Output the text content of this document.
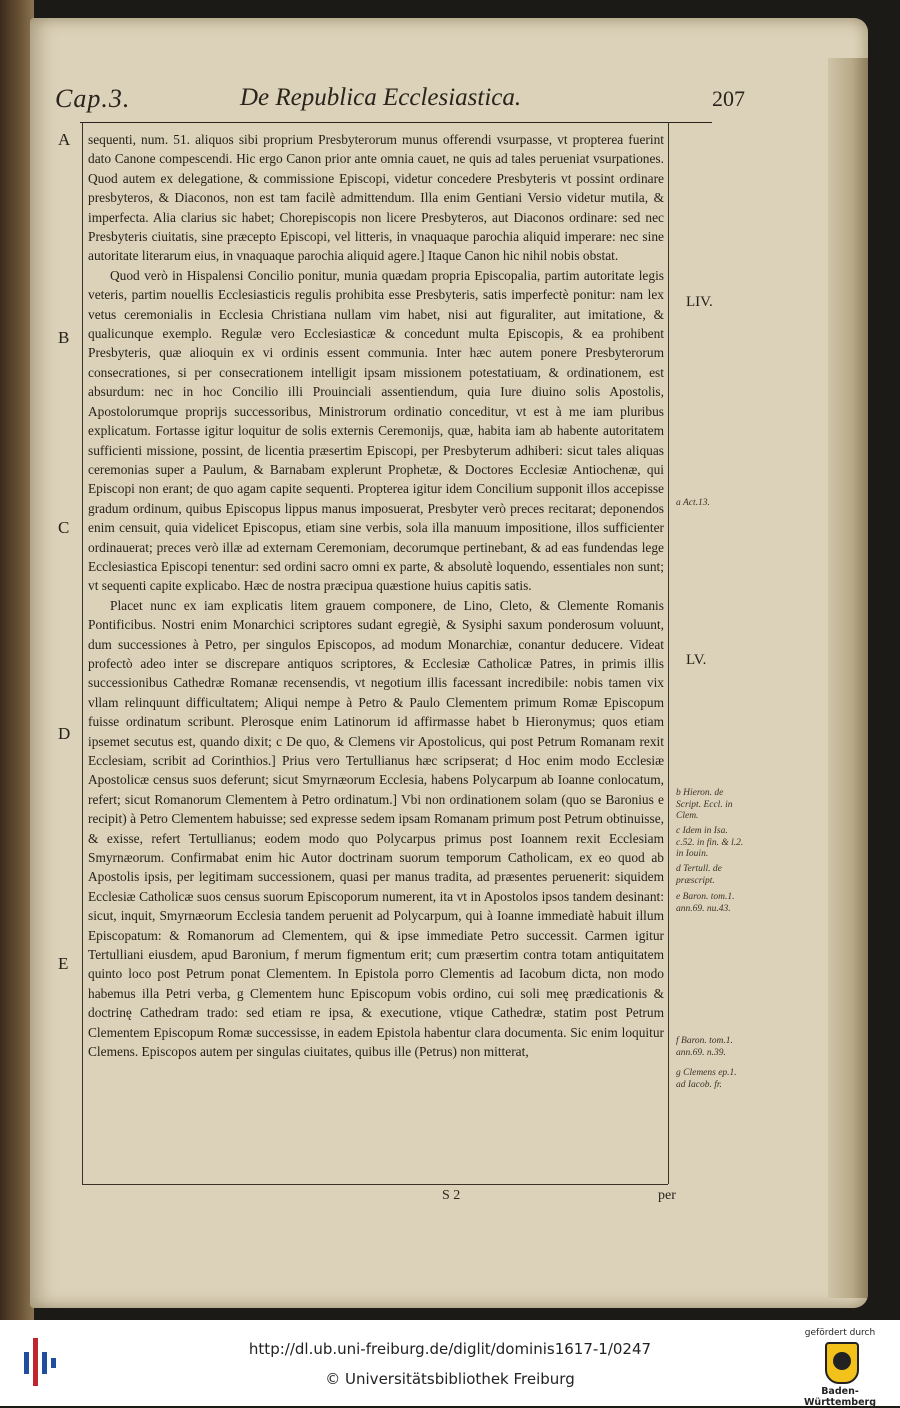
Cap.3.	De Republica Ecclesiastica.	207
A
B
C
D
E
LIV.
LV.
a Act.13.
b Hieron. de Script. Eccl. in Clem.
c Idem in Isa. c.52. in fin. & l.2. in Iouin.
d Tertull. de præscript.
e Baron. tom.1. ann.69. nu.43.
f Baron. tom.1. ann.69. n.39.
g Clemens ep.1. ad Iacob. fr.

sequenti, num. 51. aliquos sibi proprium Presbyterorum munus offerendi vsurpasse, vt propterea fuerint dato Canone compescendi. Hic ergo Canon prior ante omnia cauet, ne quis ad tales perueniat vsurpationes. Quod autem ex delegatione, & commissione Episcopi, videtur concedere Presbyteris vt possint ordinare presbyteros, & Diaconos, non est tam facilè admittendum. Illa enim Gentiani Versio videtur mutila, & imperfecta. Alia clarius sic habet; Chorepiscopis non licere Presbyteros, aut Diaconos ordinare: sed nec Presbyteris ciuitatis, sine præcepto Episcopi, vel litteris, in vnaquaque parochia aliquid imperare: nec sine autoritate literarum eius, in vnaquaque parochia aliquid agere.] Itaque Canon hic nihil nobis obstat.

Quod verò in Hispalensi Concilio ponitur, munia quædam propria Episcopalia, partim autoritate legis veteris, partim nouellis Ecclesiasticis regulis prohibita esse Presbyteris, satis imperfectè ponitur: nam lex vetus ceremonialis in Ecclesia Christiana nullam vim habet, nisi aut figuraliter, aut imitatione, & qualicunque exemplo. Regulæ vero Ecclesiasticæ & concedunt multa Episcopis, & ea prohibent Presbyteris, quæ alioquin ex vi ordinis essent communia. Inter hæc autem ponere Presbyterorum consecrationes, si per consecrationem intelligit ipsam missionem potestatiuam, & ordinationem, est absurdum: nec in hoc Concilio illi Prouinciali assentiendum, quia Iure diuino solis Apostolis, Apostolorumque proprijs successoribus, Ministrorum ordinatio conceditur, vt est à me iam pluribus explicatum. Fortasse igitur loquitur de solis externis Ceremonijs, quæ, habita iam ab habente autoritatem sufficienti missione, possint, de licentia præsertim Episcopi, per Presbyterum adhiberi: sicut tales aliquas ceremonias super a Paulum, & Barnabam explerunt Prophetæ, & Doctores Ecclesiæ Antiochenæ, qui Episcopi non erant; de quo agam capite sequenti. Propterea igitur idem Concilium supponit illos accepisse gradum ordinum, quibus Episcopus lippus manus imposuerat, Presbyter verò preces recitarat; deponendos enim censuit, quia videlicet Episcopus, etiam sine verbis, sola illa manuum impositione, illos sufficienter ordinauerat; preces verò illæ ad externam Ceremoniam, decorumque pertinebant, & ad eas fundendas lege Ecclesiastica Episcopi tenentur: sed ordini sacro omni ex parte, & absolutè loquendo, essentiales non sunt; vt sequenti capite explicabo. Hæc de nostra præcipua quæstione huius capitis satis.

Placet nunc ex iam explicatis litem grauem componere, de Lino, Cleto, & Clemente Romanis Pontificibus. Nostri enim Monarchici scriptores sudant egregiè, & Sysiphi saxum ponderosum voluunt, dum successiones à Petro, per singulos Episcopos, ad modum Monarchiæ, conantur deducere. Videat profectò adeo inter se discrepare antiquos scriptores, & Ecclesiæ Catholicæ Patres, in primis illis successionibus Cathedræ Romanæ recensendis, vt negotium illis facessant incredibile: nobis tamen vix vllam relinquunt difficultatem; Aliqui nempe à Petro & Paulo Clementem primum Romæ Episcopum fuisse ordinatum scribunt. Plerosque enim Latinorum id affirmasse habet b Hieronymus; quos etiam ipsemet secutus est, quando dixit; c De quo, & Clemens vir Apostolicus, qui post Petrum Romanam rexit Ecclesiam, scribit ad Corinthios.] Prius vero Tertullianus hæc scripserat; d Hoc enim modo Ecclesiæ Apostolicæ census suos deferunt; sicut Smyrnæorum Ecclesia, habens Polycarpum ab Ioanne conlocatum, refert; sicut Romanorum Clementem à Petro ordinatum.] Vbi non ordinationem solam (quo se Baronius e recipit) à Petro Clementem habuisse; sed expresse sedem ipsam Romanam primum post Petrum obtinuisse, & exisse, refert Tertullianus; eodem modo quo Polycarpus primus post Ioannem rexit Ecclesiam Smyrnæorum. Confirmabat enim hic Autor doctrinam suorum temporum Catholicam, ex eo quod ab Apostolis ipsis, per legitimam successionem, quasi per manus tradita, ad præsentes peruenerit: siquidem Ecclesiæ Catholicæ suos census suorum Episcoporum numerent, ita vt in Apostolos ipsos tandem desinant: sicut, inquit, Smyrnæorum Ecclesia tandem peruenit ad Polycarpum, qui à Ioanne immediatè habuit illum Episcopatum: & Romanorum ad Clementem, qui & ipse immediate Petro successit. Carmen igitur Tertulliani eiusdem, apud Baronium, f merum figmentum erit; cum præsertim contra totam antiquitatem quinto loco post Petrum ponat Clementem. In Epistola porro Clementis ad Iacobum dicta, non modo habemus illa Petri verba, g Clementem hunc Episcopum vobis ordino, cui soli meę prædicationis & doctrinę Cathedram trado: sed etiam re ipsa, & executione, vtique Cathedræ, statim post Petrum Clementem Episcopum Romæ successisse, in eadem Epistola habentur clara documenta. Sic enim loquitur Clemens. Episcopos autem per singulas ciuitates, quibus ille (Petrus) non mitterat,

S 2	per
http://dl.ub.uni-freiburg.de/diglit/dominis1617-1/0247
© Universitätsbibliothek Freiburg
gefördert durch
Baden-Württemberg
